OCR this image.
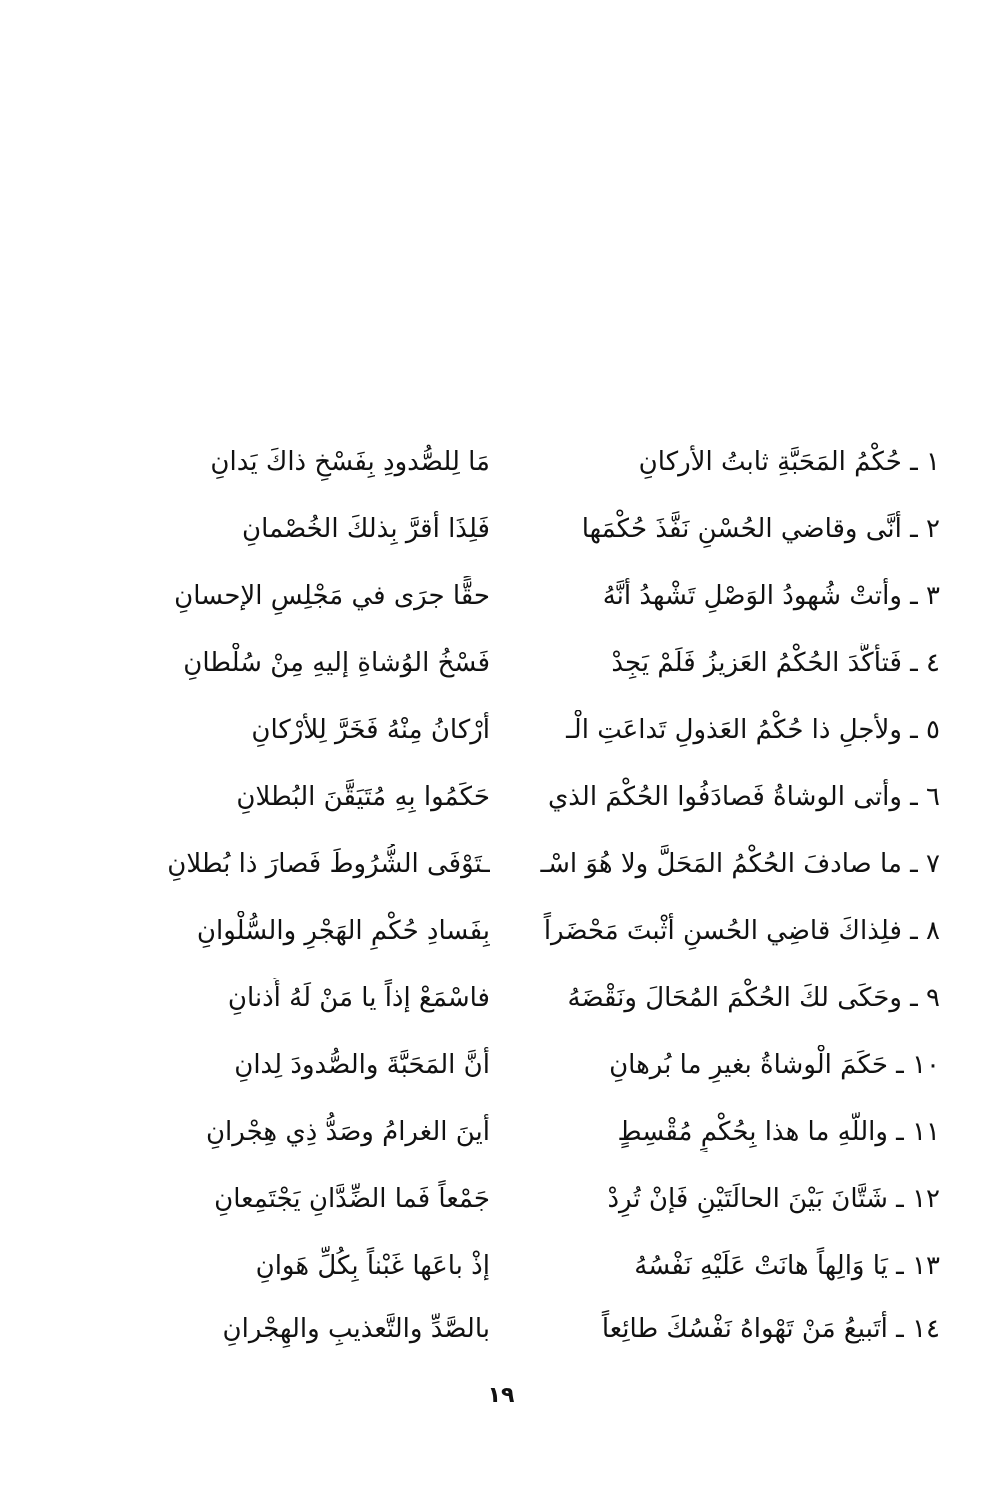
١ ـ حُكْمُ المَحَبَّةِ ثابتُ الأركانِ
مَا لِلصُّدودِ بِفَسْخِ ذاكَ يَدانِ
٢ ـ أنَّى وقاضي الحُسْنِ نَفَّذَ حُكْمَها
فَلِذَا أقرَّ بِذلكَ الخُصْمانِ
٣ ـ وأتتْ شُهودُ الوَصْلِ تَشْهدُ أنَّهُ
حقًّا جرَى في مَجْلِسِ الإحسانِ
٤ ـ فَتأكَّدَ الحُكْمُ العَزيزُ فَلَمْ يَجِدْ
فَسْخُ الوُشاةِ إليهِ مِنْ سُلْطانِ
٥ ـ ولأجلِ ذا حُكْمُ العَذولِ تَداعَتِ الْـ
أرْكانُ مِنْهُ فَخَرَّ لِلأرْكانِ
٦ ـ وأتى الوشاةُ فَصادَفُوا الحُكْمَ الذي
حَكَمُوا بِهِ مُتَيَقَّنَ البُطلانِ
٧ ـ ما صادفَ الحُكْمُ المَحَلَّ ولا هُوَ اسْـ
ـتَوْفَى الشُّرُوطَ فَصارَ ذا بُطلانِ
٨ ـ فلِذاكَ قاضِي الحُسنِ أثْبتَ مَحْضَراً
بِفَسادِ حُكْمِ الهَجْرِ والسُّلْوانِ
٩ ـ وحَكَى لكَ الحُكْمَ المُحَالَ ونَقْضَهُ
فاسْمَعْ إذاً يا مَنْ لَهُ أُذنانِ
١٠ ـ حَكَمَ الْوشاةُ بغيرِ ما بُرهانِ
أنَّ المَحَبَّةَ والصُّدودَ لِدانِ
١١ ـ واللَّهِ ما هذا بِحُكْمٍ مُقْسِطٍ
أينَ الغرامُ وصَدُّ ذِي هِجْرانِ
١٢ ـ شَتَّانَ بَيْنَ الحالَتَيْنِ فَإنْ تُرِدْ
جَمْعاً فَما الضِّدَّانِ يَجْتَمِعانِ
١٣ ـ يَا وَالِهاً هانَتْ عَلَيْهِ نَفْسُهُ
إذْ باعَها غَبْناً بِكُلِّ هَوانِ
١٤ ـ أتَبيعُ مَنْ تَهْواهُ نَفْسُكَ طائِعاً
بالصَّدِّ والتَّعذيبِ والهِجْرانِ
١٩
